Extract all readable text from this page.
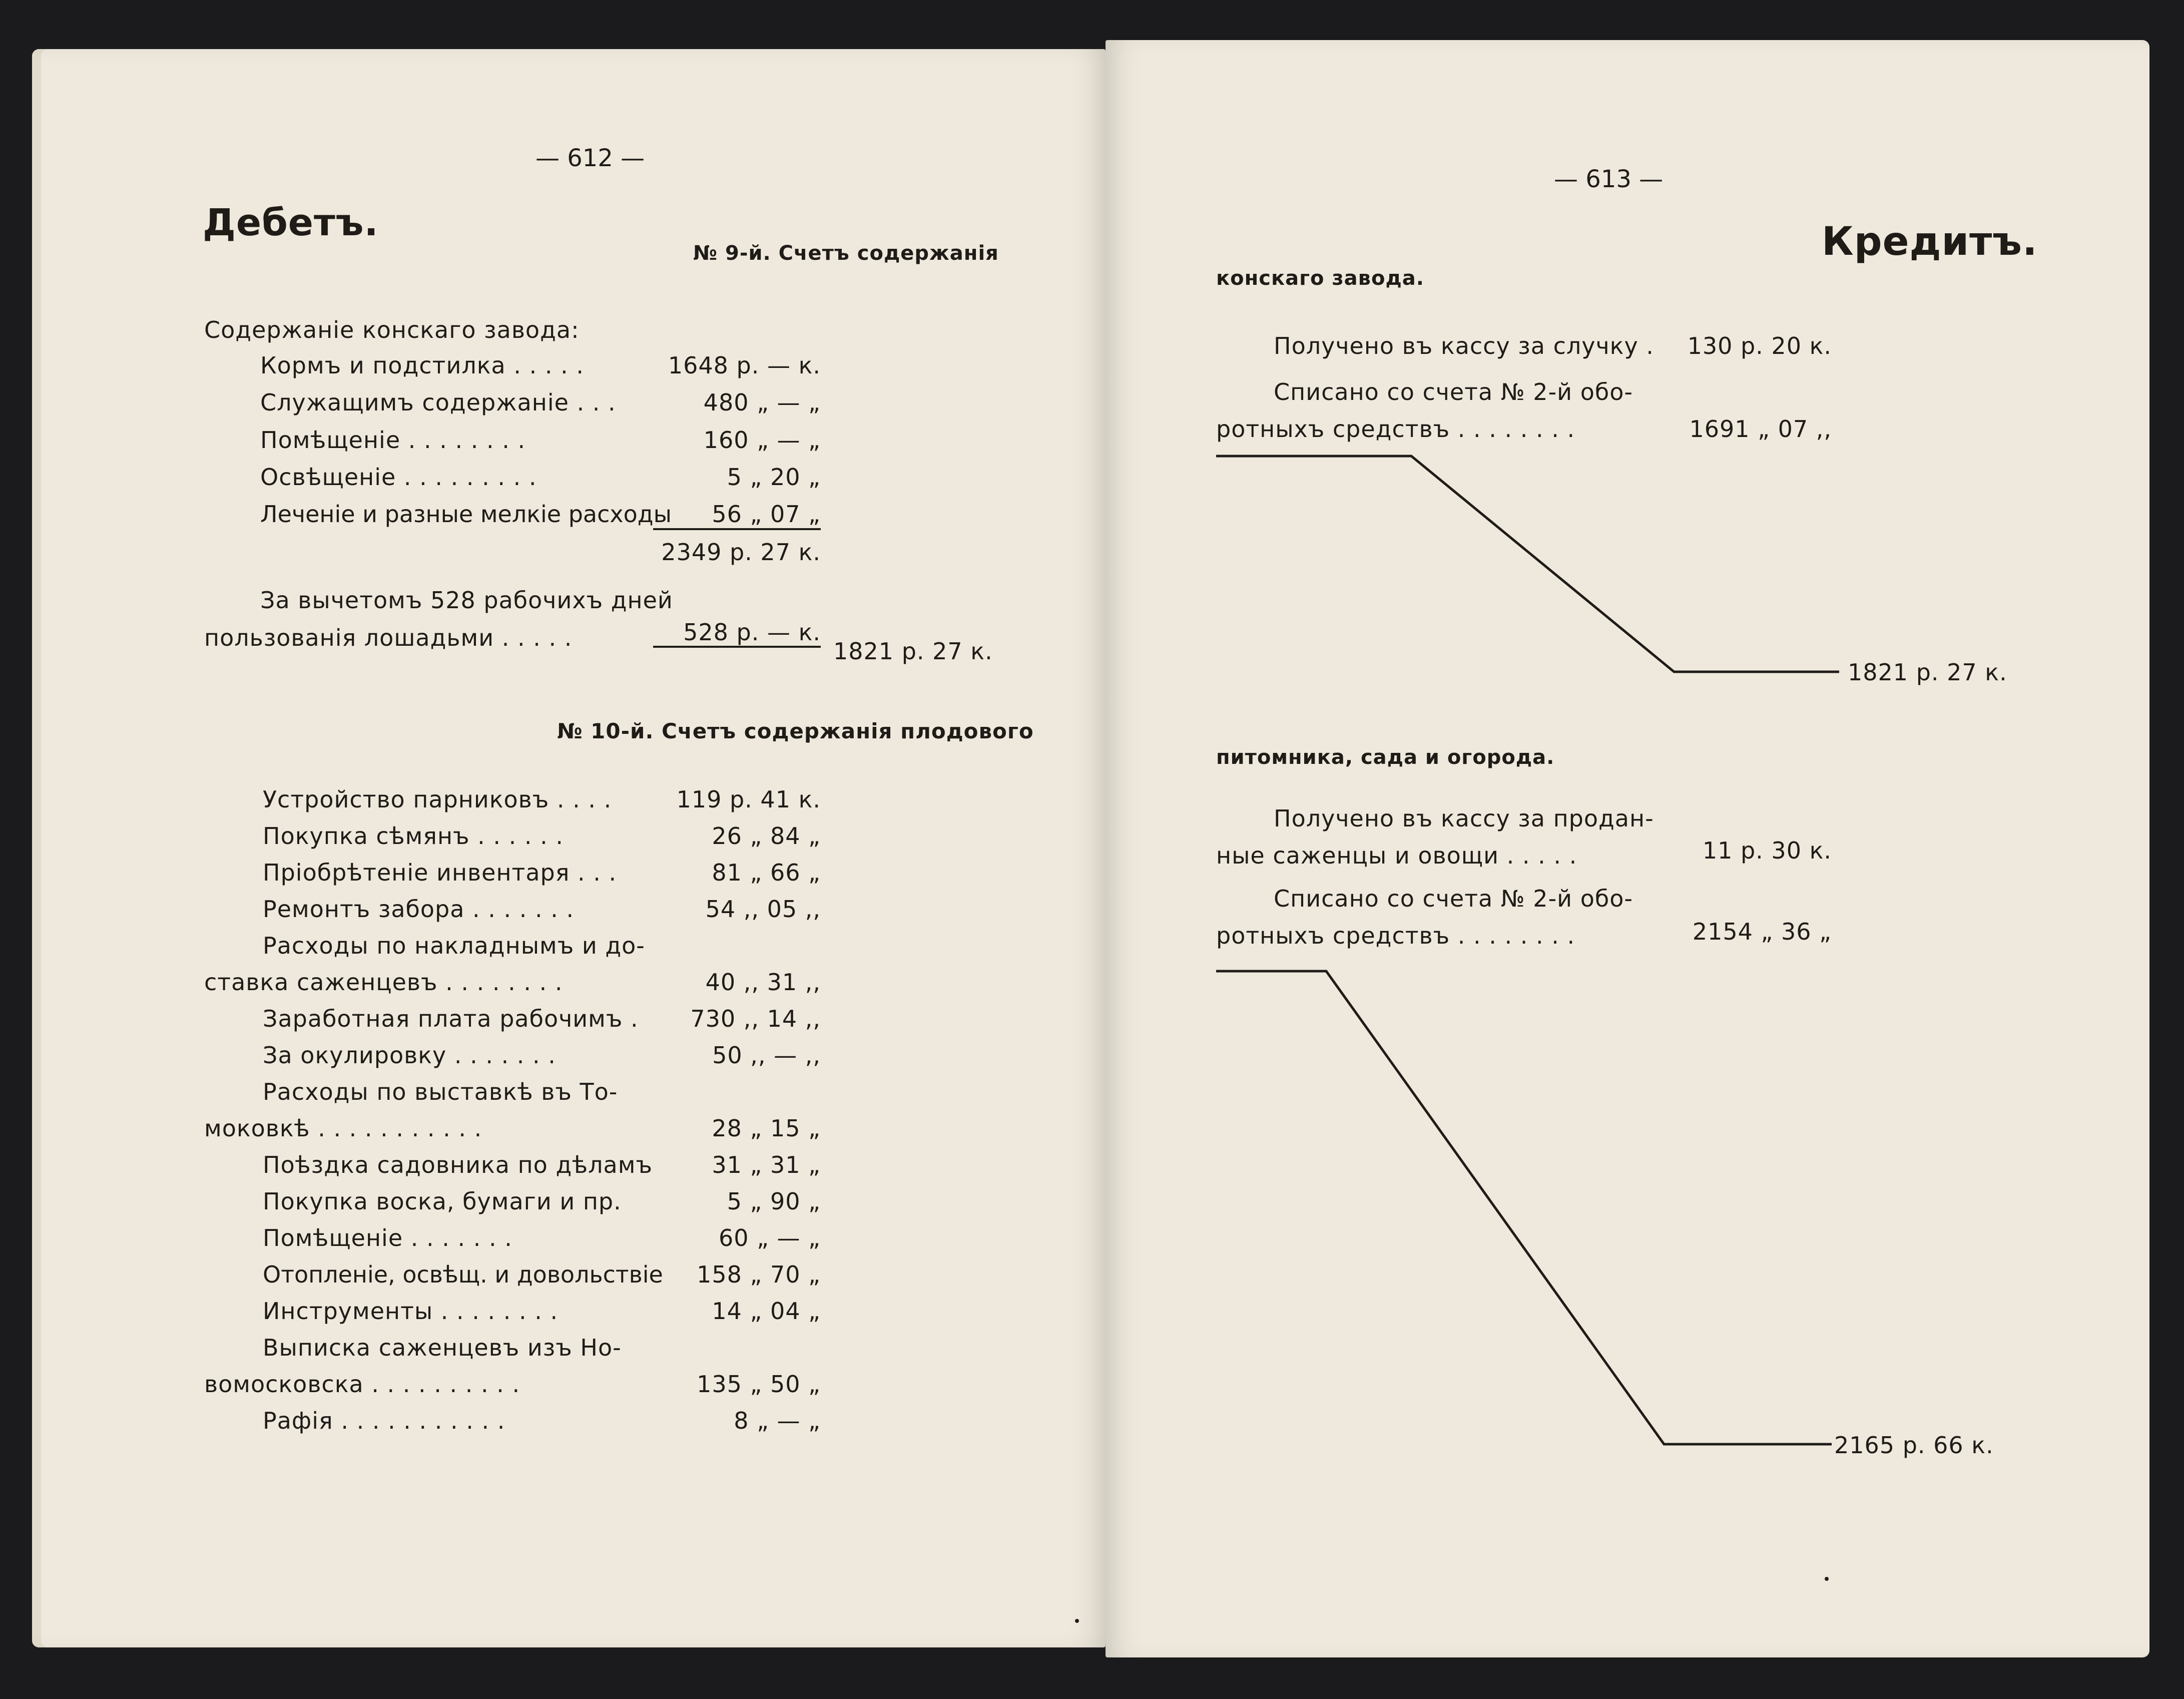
— 612 —
Дебетъ.
№ 9-й. Счетъ содержанія
Содержаніе конскаго завода:
Кормъ и подстилка . . . . .	1648 р. — к.
Служащимъ содержаніе . . .	480 „ — „
Помѣщеніе . . . . . . . .	160 „ — „
Освѣщеніе . . . . . . . . .	5 „ 20 „
Леченіе и разные мелкіе расходы	56 „ 07 „
2349 р. 27 к.
За вычетомъ 528 рабочихъ дней
пользованія лошадьми . . . . .	528 р. — к.
1821 р. 27 к.
№ 10-й. Счетъ содержанія плодового
Устройство парниковъ . . . .	119 р. 41 к.
Покупка сѣмянъ . . . . . .	26 „ 84 „
Пріобрѣтеніе инвентаря . . .	81 „ 66 „
Ремонтъ забора . . . . . . .	54 ,, 05 ,,
Расходы по накладнымъ и до-
ставка саженцевъ . . . . . . . .	40 ,, 31 ,,
Заработная плата рабочимъ .	730 ,, 14 ,,
За окулировку . . . . . . .	50 ,, — ,,
Расходы по выставкѣ въ То-
моковкѣ . . . . . . . . . . .	28 „ 15 „
Поѣздка садовника по дѣламъ	31 „ 31 „
Покупка воска, бумаги и пр.	5 „ 90 „
Помѣщеніе . . . . . . .	60 „ — „
Отопленіе, освѣщ. и довольствіе	158 „ 70 „
Инструменты . . . . . . . .	14 „ 04 „
Выписка саженцевъ изъ Но-
вомосковска . . . . . . . . . .	135 „ 50 „
Рафія . . . . . . . . . . .	8 „ — „
— 613 —
Кредитъ.
конскаго завода.
Получено въ кассу за случку .	130 р. 20 к.
Списано со счета № 2-й обо-
ротныхъ средствъ . . . . . . . .	1691 „ 07 ,,
1821 р. 27 к.
питомника, сада и огорода.
Получено въ кассу за продан-
ные саженцы и овощи . . . . .	11 р. 30 к.
Списано со счета № 2-й обо-
ротныхъ средствъ . . . . . . . .	2154 „ 36 „
2165 р. 66 к.
